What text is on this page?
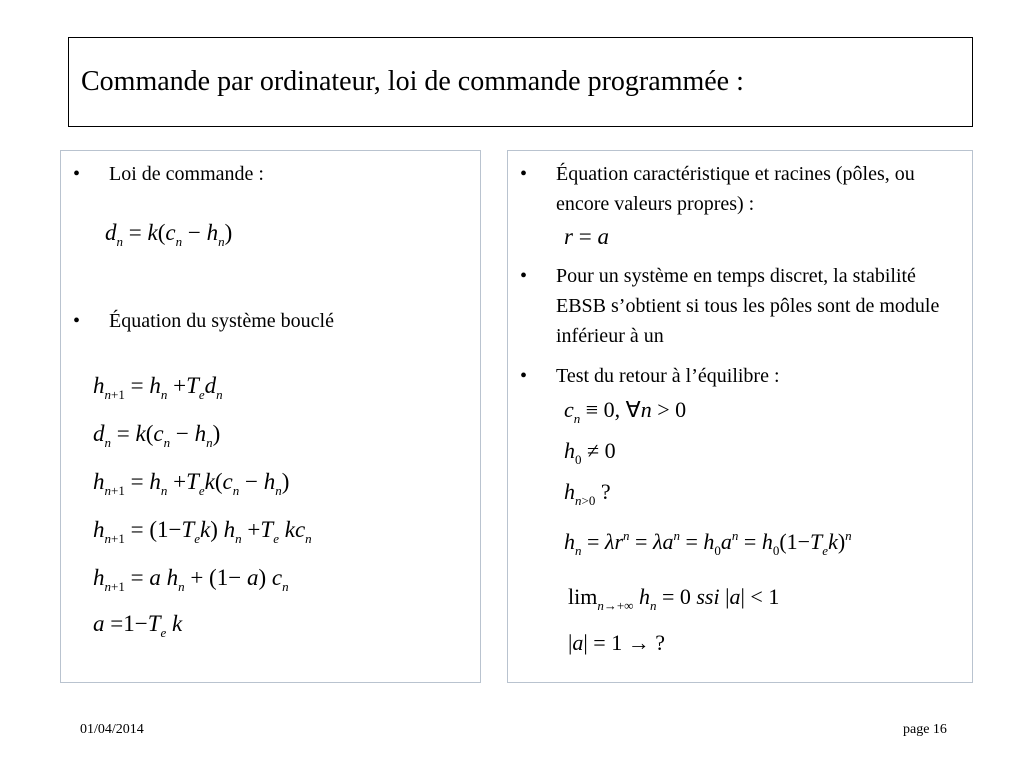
Commande par ordinateur, loi de commande programmée :
•	Loi de commande :
$d_n = k(c_n - h_n)$
•	Équation du système bouclé
$h_{n+1} = h_n +T_ed_n$
$d_n = k(c_n - h_n)$
$h_{n+1} = h_n +T_ek(c_n - h_n)$
$h_{n+1} = (1-T_ek)$ $h_n +T_e$ $kc_n$
$h_{n+1} = a$ $h_n + (1- a)$ $c_n$
$a =1-T_e$ k
•	Équation caractéristique et racines (pôles, ou encore valeurs propres) :
r = a
•	Pour un système en temps discret, la stabilité EBSB s’obtient si tous les pôles sont de module inférieur à un
•	Test du retour à l’équilibre :
$c_n \equiv 0$, ∀n > 0
$h_0 \ne 0$
$h_{n>0}$ ?
$h_n = \lambda r^n = \lambda a^n = h_0a^n = h_0(1-T_ek)^n$
$\lim_{n\to+\infty} h_n = 0$ ssi |a| < 1
|a| = 1 → ?
01/04/2014	page 16
